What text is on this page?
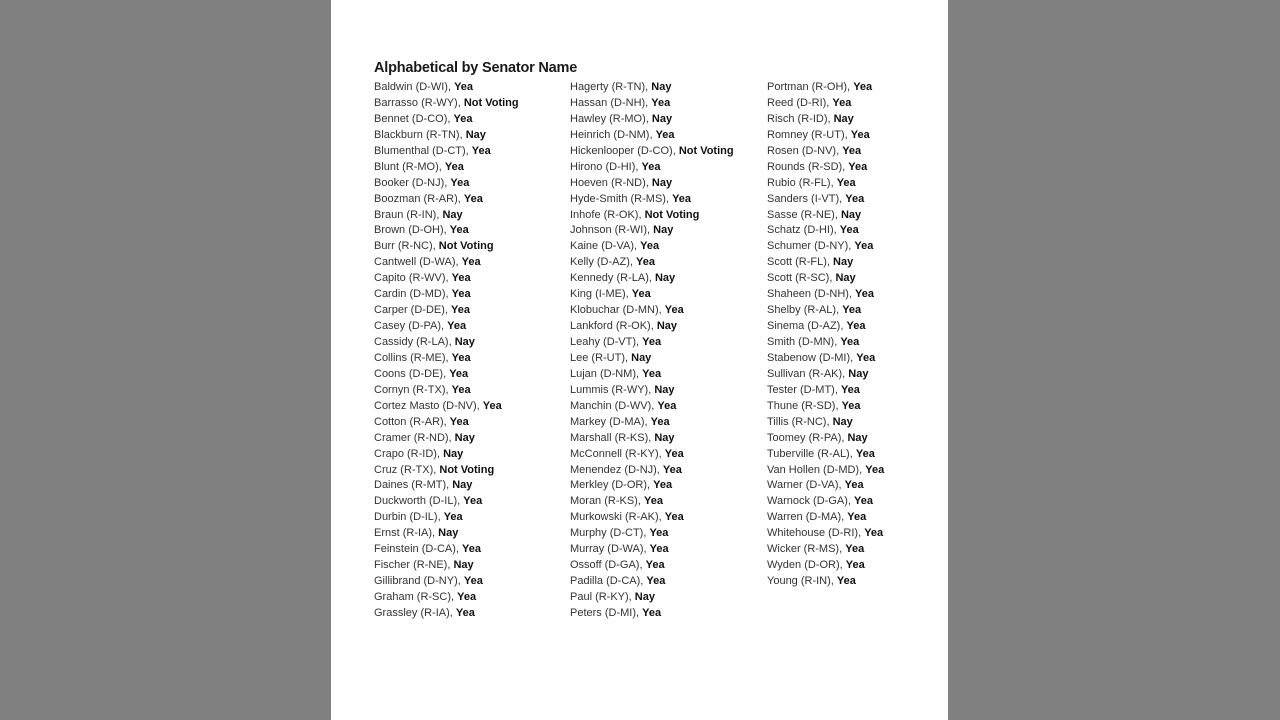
Alphabetical by Senator Name
Baldwin (D-WI), Yea
Barrasso (R-WY), Not Voting
Bennet (D-CO), Yea
Blackburn (R-TN), Nay
Blumenthal (D-CT), Yea
Blunt (R-MO), Yea
Booker (D-NJ), Yea
Boozman (R-AR), Yea
Braun (R-IN), Nay
Brown (D-OH), Yea
Burr (R-NC), Not Voting
Cantwell (D-WA), Yea
Capito (R-WV), Yea
Cardin (D-MD), Yea
Carper (D-DE), Yea
Casey (D-PA), Yea
Cassidy (R-LA), Nay
Collins (R-ME), Yea
Coons (D-DE), Yea
Cornyn (R-TX), Yea
Cortez Masto (D-NV), Yea
Cotton (R-AR), Yea
Cramer (R-ND), Nay
Crapo (R-ID), Nay
Cruz (R-TX), Not Voting
Daines (R-MT), Nay
Duckworth (D-IL), Yea
Durbin (D-IL), Yea
Ernst (R-IA), Nay
Feinstein (D-CA), Yea
Fischer (R-NE), Nay
Gillibrand (D-NY), Yea
Graham (R-SC), Yea
Grassley (R-IA), Yea
Hagerty (R-TN), Nay
Hassan (D-NH), Yea
Hawley (R-MO), Nay
Heinrich (D-NM), Yea
Hickenlooper (D-CO), Not Voting
Hirono (D-HI), Yea
Hoeven (R-ND), Nay
Hyde-Smith (R-MS), Yea
Inhofe (R-OK), Not Voting
Johnson (R-WI), Nay
Kaine (D-VA), Yea
Kelly (D-AZ), Yea
Kennedy (R-LA), Nay
King (I-ME), Yea
Klobuchar (D-MN), Yea
Lankford (R-OK), Nay
Leahy (D-VT), Yea
Lee (R-UT), Nay
Lujan (D-NM), Yea
Lummis (R-WY), Nay
Manchin (D-WV), Yea
Markey (D-MA), Yea
Marshall (R-KS), Nay
McConnell (R-KY), Yea
Menendez (D-NJ), Yea
Merkley (D-OR), Yea
Moran (R-KS), Yea
Murkowski (R-AK), Yea
Murphy (D-CT), Yea
Murray (D-WA), Yea
Ossoff (D-GA), Yea
Padilla (D-CA), Yea
Paul (R-KY), Nay
Peters (D-MI), Yea
Portman (R-OH), Yea
Reed (D-RI), Yea
Risch (R-ID), Nay
Romney (R-UT), Yea
Rosen (D-NV), Yea
Rounds (R-SD), Yea
Rubio (R-FL), Yea
Sanders (I-VT), Yea
Sasse (R-NE), Nay
Schatz (D-HI), Yea
Schumer (D-NY), Yea
Scott (R-FL), Nay
Scott (R-SC), Nay
Shaheen (D-NH), Yea
Shelby (R-AL), Yea
Sinema (D-AZ), Yea
Smith (D-MN), Yea
Stabenow (D-MI), Yea
Sullivan (R-AK), Nay
Tester (D-MT), Yea
Thune (R-SD), Yea
Tillis (R-NC), Nay
Toomey (R-PA), Nay
Tuberville (R-AL), Yea
Van Hollen (D-MD), Yea
Warner (D-VA), Yea
Warnock (D-GA), Yea
Warren (D-MA), Yea
Whitehouse (D-RI), Yea
Wicker (R-MS), Yea
Wyden (D-OR), Yea
Young (R-IN), Yea
